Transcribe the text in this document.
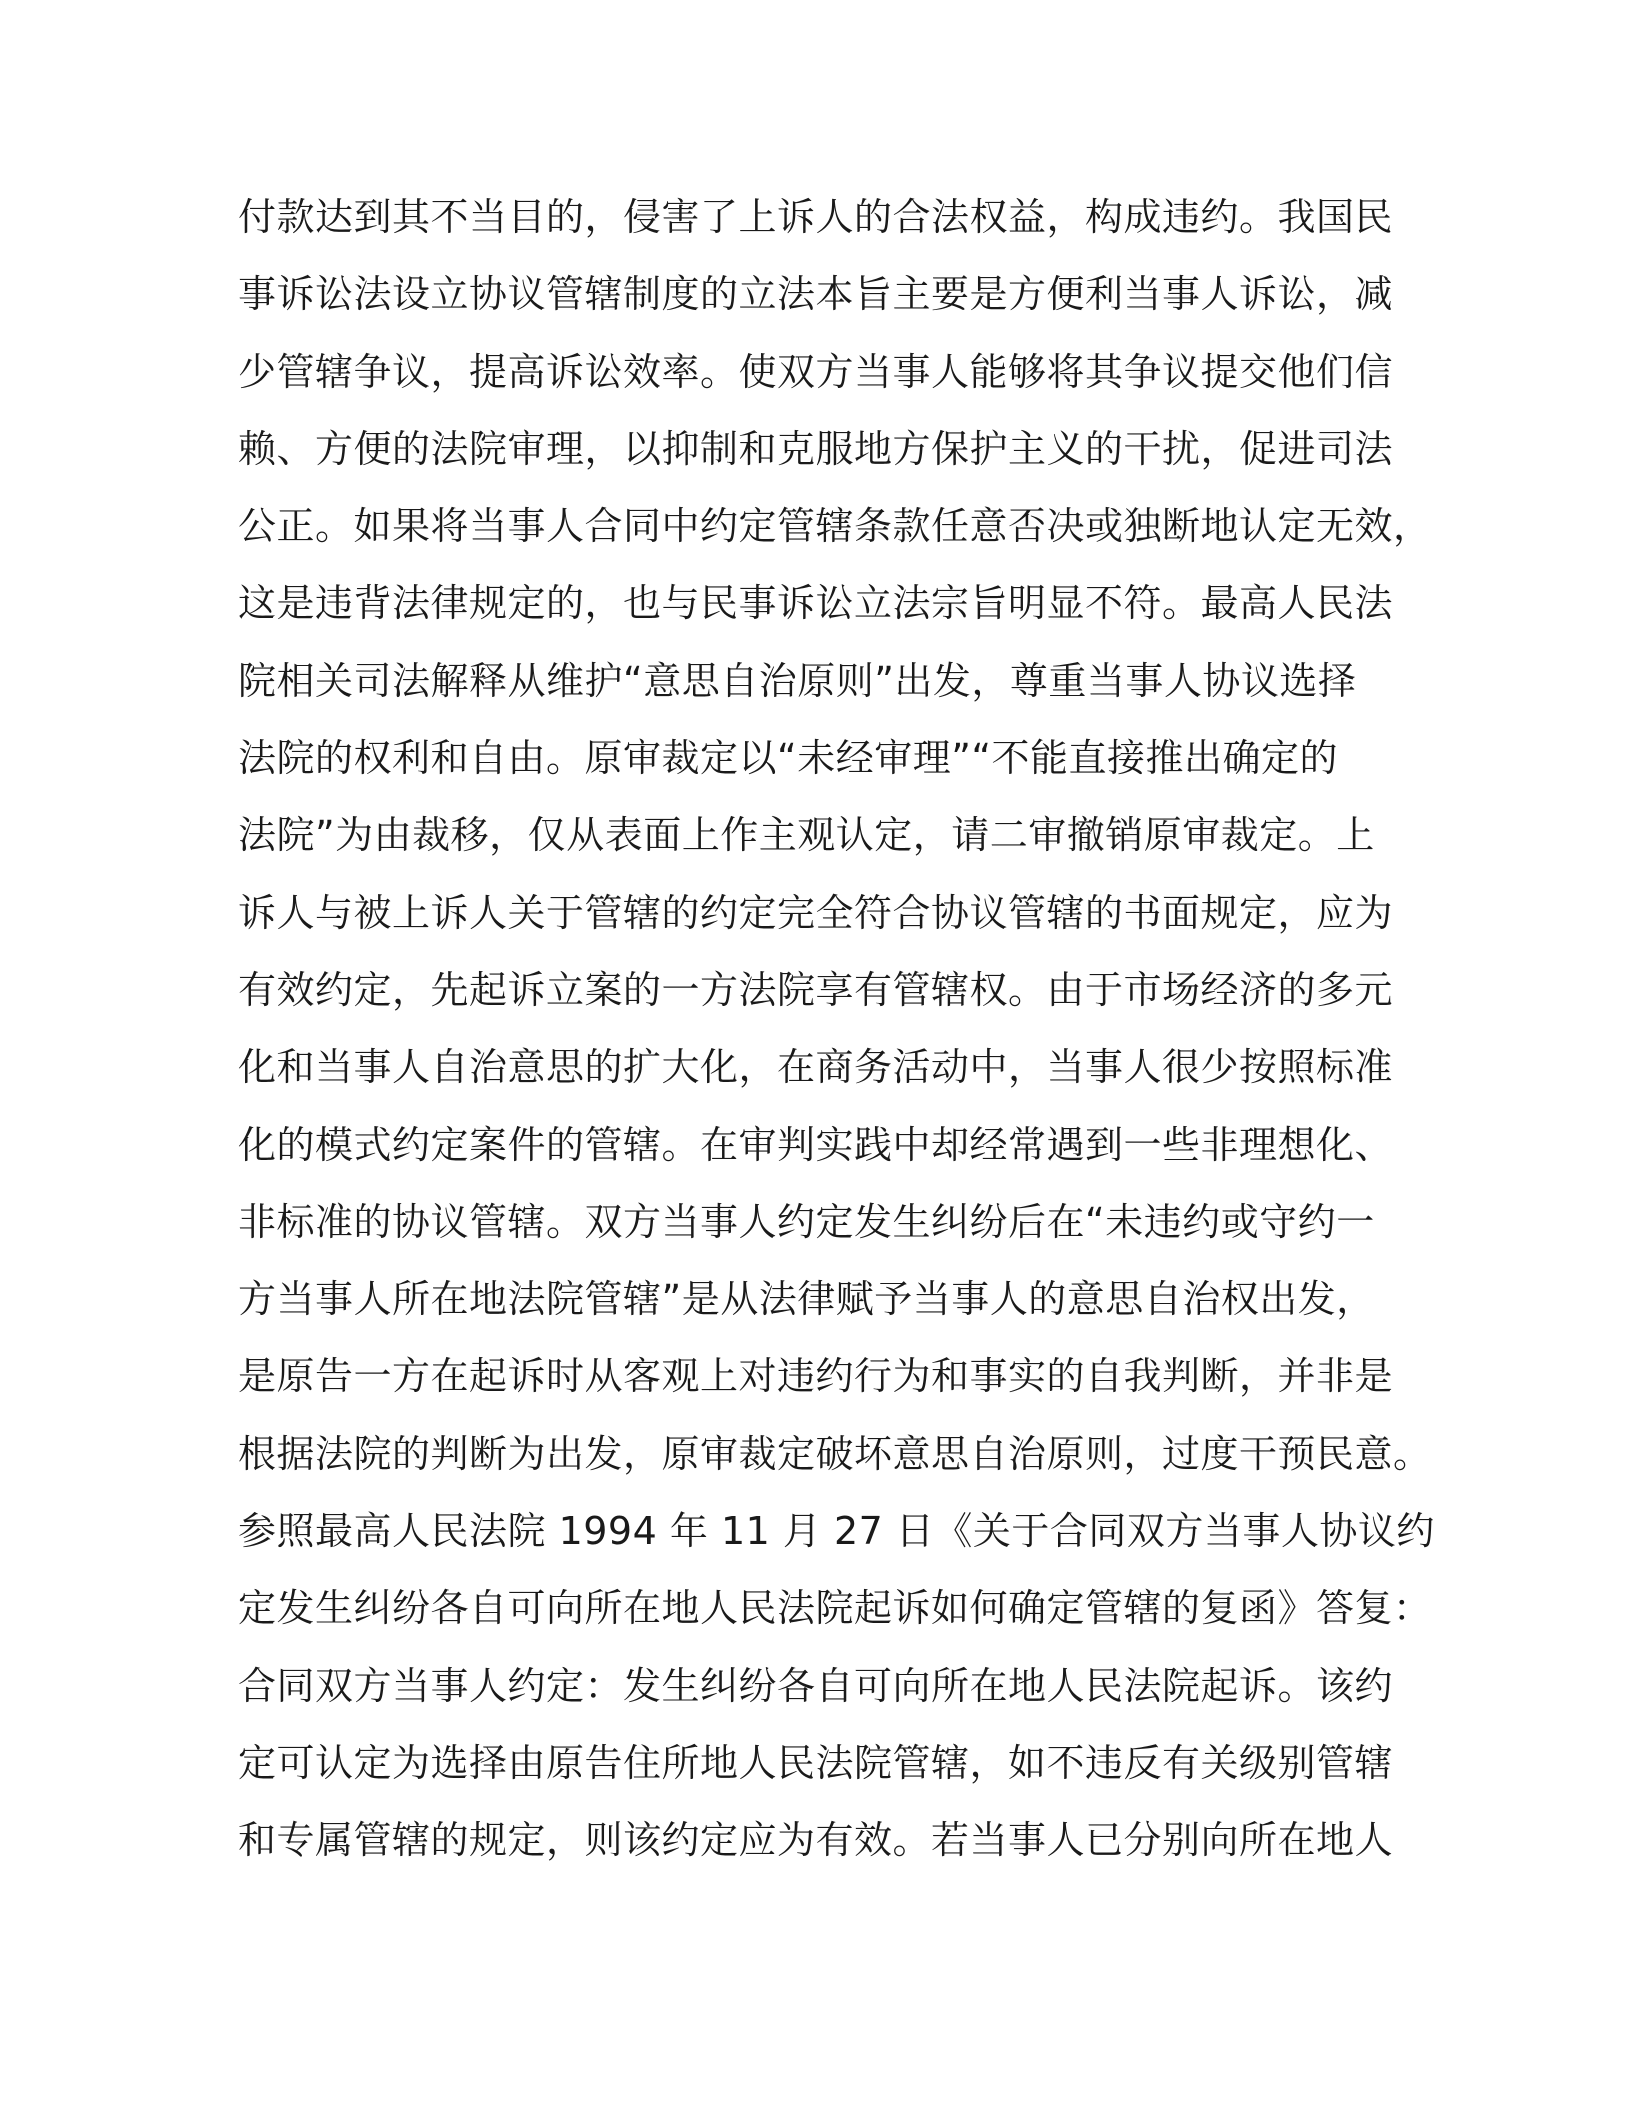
付款达到其不当目的，侵害了上诉人的合法权益，构成违约。我国民
事诉讼法设立协议管辖制度的立法本旨主要是方便利当事人诉讼，减
少管辖争议，提高诉讼效率。使双方当事人能够将其争议提交他们信
赖、方便的法院审理，以抑制和克服地方保护主义的干扰，促进司法
公正。如果将当事人合同中约定管辖条款任意否决或独断地认定无效，
这是违背法律规定的，也与民事诉讼立法宗旨明显不符。最高人民法
院相关司法解释从维护“意思自治原则”出发，尊重当事人协议选择
法院的权利和自由。原审裁定以“未经审理”“不能直接推出确定的
法院”为由裁移，仅从表面上作主观认定，请二审撤销原审裁定。上
诉人与被上诉人关于管辖的约定完全符合协议管辖的书面规定，应为
有效约定，先起诉立案的一方法院享有管辖权。由于市场经济的多元
化和当事人自治意思的扩大化，在商务活动中，当事人很少按照标准
化的模式约定案件的管辖。在审判实践中却经常遇到一些非理想化、
非标准的协议管辖。双方当事人约定发生纠纷后在“未违约或守约一
方当事人所在地法院管辖”是从法律赋予当事人的意思自治权出发，
是原告一方在起诉时从客观上对违约行为和事实的自我判断，并非是
根据法院的判断为出发，原审裁定破坏意思自治原则，过度干预民意。
参照最高人民法院 1994 年 11 月 27 日《关于合同双方当事人协议约
定发生纠纷各自可向所在地人民法院起诉如何确定管辖的复函》答复：
合同双方当事人约定：发生纠纷各自可向所在地人民法院起诉。该约
定可认定为选择由原告住所地人民法院管辖，如不违反有关级别管辖
和专属管辖的规定，则该约定应为有效。若当事人已分别向所在地人
